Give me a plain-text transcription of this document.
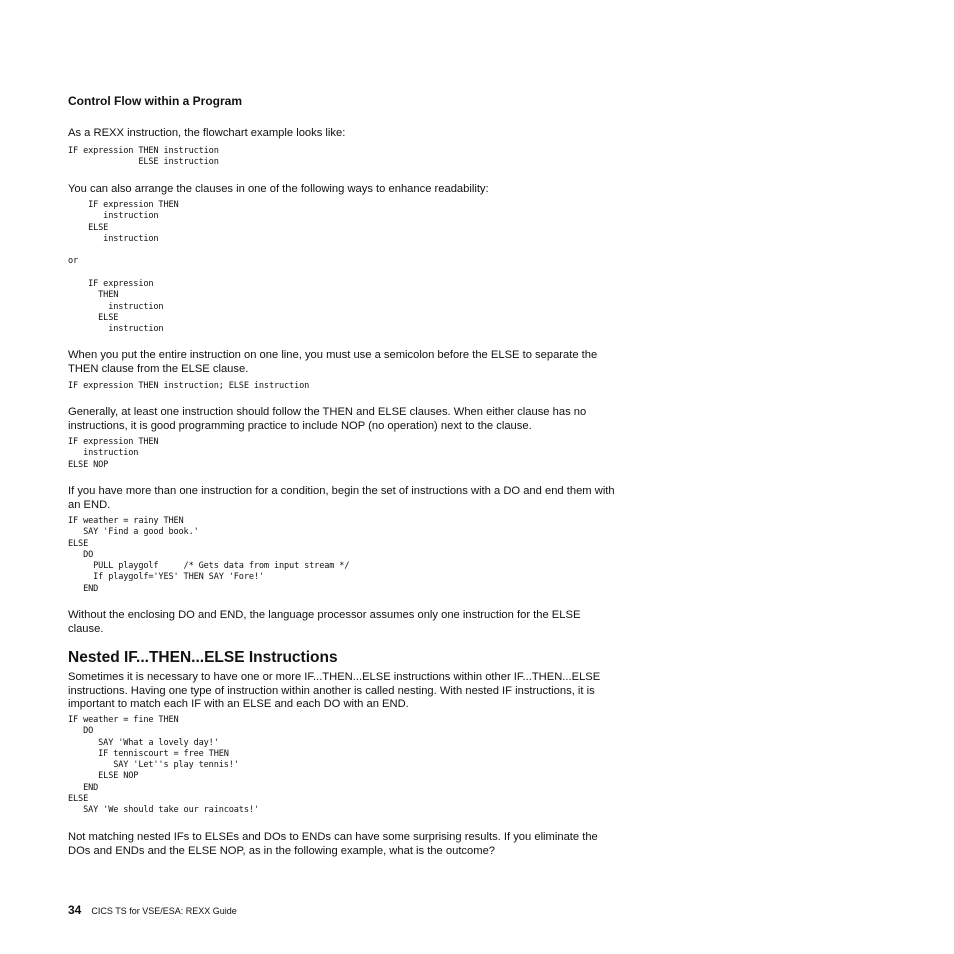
Control Flow within a Program

As a REXX instruction, the flowchart example looks like:

IF expression THEN instruction
ELSE instruction

You can also arrange the clauses in one of the following ways to enhance readability:

IF expression THEN
instruction
ELSE
instruction
or
IF expression
THEN
instruction
ELSE
instruction

When you put the entire instruction on one line, you must use a semicolon before the ELSE to separate the THEN clause from the ELSE clause.

IF expression THEN instruction; ELSE instruction

Generally, at least one instruction should follow the THEN and ELSE clauses. When either clause has no instructions, it is good programming practice to include NOP (no operation) next to the clause.

IF expression THEN
instruction
ELSE NOP

If you have more than one instruction for a condition, begin the set of instructions with a DO and end them with an END.

IF weather = rainy THEN
SAY 'Find a good book.'
ELSE
DO
PULL playgolf     /* Gets data from input stream */
If playgolf='YES' THEN SAY 'Fore!'
END

Without the enclosing DO and END, the language processor assumes only one instruction for the ELSE clause.

Nested IF...THEN...ELSE Instructions

Sometimes it is necessary to have one or more IF...THEN...ELSE instructions within other IF...THEN...ELSE instructions. Having one type of instruction within another is called nesting. With nested IF instructions, it is important to match each IF with an ELSE and each DO with an END.

IF weather = fine THEN
DO
SAY 'What a lovely day!'
IF tenniscourt = free THEN
SAY 'Let''s play tennis!'
ELSE NOP
END
ELSE
SAY 'We should take our raincoats!'

Not matching nested IFs to ELSEs and DOs to ENDs can have some surprising results. If you eliminate the DOs and ENDs and the ELSE NOP, as in the following example, what is the outcome?

34 CICS TS for VSE/ESA: REXX Guide
